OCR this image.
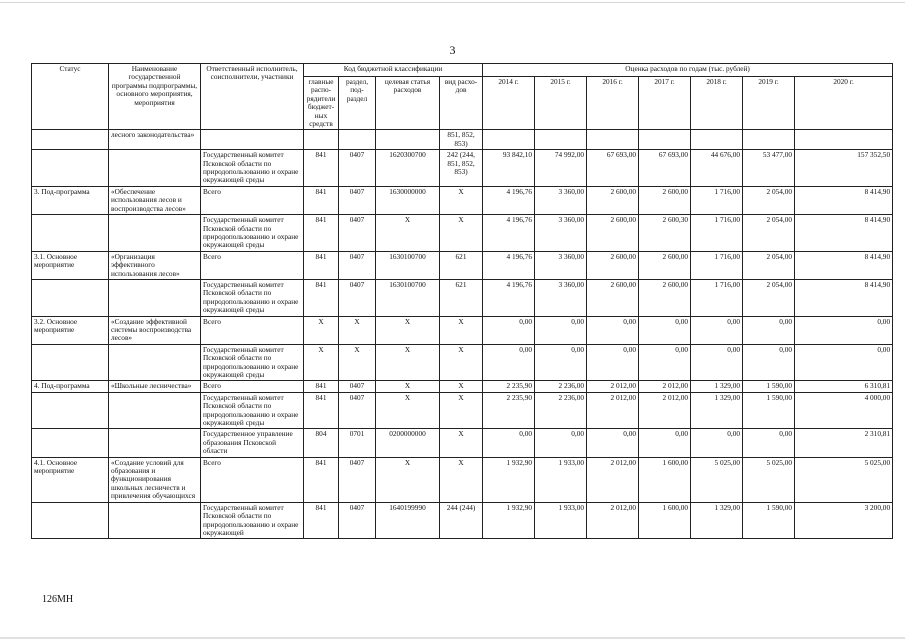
3
Статус	Наименование государственной программы подпрограммы, основного мероприятия, мероприятия	Ответственный исполнитель, соисполнители, участники	Код бюджетной классификации				Оценка расходов по годам (тыс. рублей)						
			главные распо-рядители бюджет-ных средств	раздел, под-раздел	целевая статья расходов	вид расхо-дов	2014 г.	2015 г.	2016 г.	2017 г.	2018 г.	2019 г.	2020 г.
	лесного законодательства»					851, 852, 853)							
		Государственный комитет Псковской области по природопользованию и охране окружающей среды	841	0407	1620300700	242 (244, 851, 852, 853)	93 842,10	74 992,00	67 693,00	67 693,00	44 676,00	53 477,00	157 352,50
3. Под-программа	«Обеспечение использования лесов и воспроизводства лесов»	Всего	841	0407	1630000000	Х	4 196,76	3 360,00	2 600,00	2 600,00	1 716,00	2 054,00	8 414,90
		Государственный комитет Псковской области по природопользованию и охране окружающей среды	841	0407	Х	Х	4 196,76	3 360,00	2 600,00	2 600,30	1 716,00	2 054,00	8 414,90
3.1. Основное мероприятие	«Организация эффективного использования лесов»	Всего	841	0407	1630100700	621	4 196,76	3 360,00	2 600,00	2 600,00	1 716,00	2 054,00	8 414,90
		Государственный комитет Псковской области по природопользованию и охране окружающей среды	841	0407	1630100700	621	4 196,76	3 360,00	2 600,00	2 600,00	1 716,00	2 054,00	8 414,90
3.2. Основное мероприятие	«Создание эффективной системы воспроизводства лесов»	Всего	Х	Х	Х	Х	0,00	0,00	0,00	0,00	0,00	0,00	0,00
		Государственный комитет Псковской области по природопользованию и охране окружающей среды	Х	Х	Х	Х	0,00	0,00	0,00	0,00	0,00	0,00	0,00
4. Под-программа	«Школьные лесничества»	Всего	841	0407	Х	Х	2 235,90	2 236,00	2 012,00	2 012,00	1 329,00	1 590,00	6 310,81
		Государственный комитет Псковской области по природопользованию и охране окружающей среды	841	0407	Х	Х	2 235,90	2 236,00	2 012,00	2 012,00	1 329,00	1 590,00	4 000,00
		Государственное управление образования Псковской области	804	0701	0200000000	Х	0,00	0,00	0,00	0,00	0,00	0,00	2 310,81
4.1. Основное мероприятие	«Создание условий для образования и функционирования школьных лесничеств и привлечения обучающихся	Всего	841	0407	Х	Х	1 932,90	1 933,00	2 012,00	1 600,00	5 025,00	5 025,00	5 025,00
		Государственный комитет Псковской области по природопользованию и охране окружающей	841	0407	1640199990	244 (244)	1 932,90	1 933,00	2 012,00	1 600,00	1 329,00	1 590,00	3 200,00
126МН
